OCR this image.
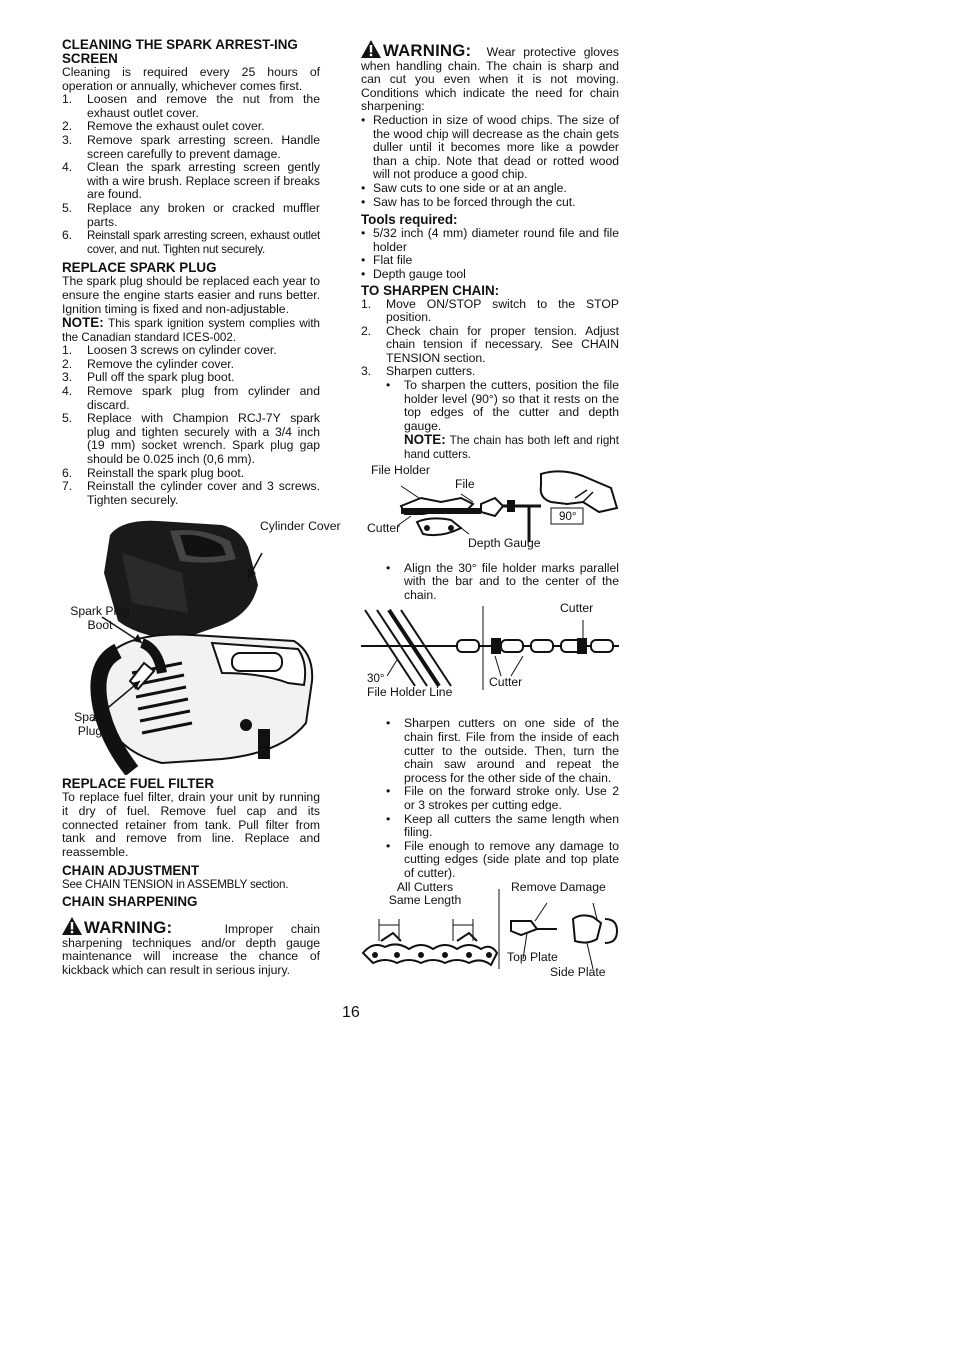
CLEANING THE SPARK ARREST-ING SCREEN

Cleaning is required every 25 hours of operation or annually, whichever comes first.

1. Loosen and remove the nut from the exhaust outlet cover.
2. Remove the exhaust oulet cover.
3. Remove spark arresting screen. Handle screen carefully to prevent damage.
4. Clean the spark arresting screen gently with a wire brush. Replace screen if breaks are found.
5. Replace any broken or cracked muffler parts.
6. Reinstall spark arresting screen, exhaust outlet cover, and nut. Tighten nut securely.
REPLACE SPARK PLUG

The spark plug should be replaced each year to ensure the engine starts easier and runs better. Ignition timing is fixed and non-adjustable.

NOTE: This spark ignition system complies with the Canadian standard ICES-002.

1. Loosen 3 screws on cylinder cover.
2. Remove the cylinder cover.
3. Pull off the spark plug boot.
4. Remove spark plug from cylinder and discard.
5. Replace with Champion RCJ-7Y spark plug and tighten securely with a 3/4 inch (19 mm) socket wrench. Spark plug gap should be 0.025 inch (0,6 mm).
6. Reinstall the spark plug boot.
7. Reinstall the cylinder cover and 3 screws. Tighten securely.
Cylinder Cover
Spark Plug Boot
Spark Plug
REPLACE FUEL FILTER

To replace fuel filter, drain your unit by running it dry of fuel. Remove fuel cap and its connected retainer from tank. Pull filter from tank and remove from line. Replace and reassemble.

CHAIN ADJUSTMENT

See CHAIN TENSION in ASSEMBLY section.

CHAIN SHARPENING

WARNING:	Improper chain sharpening techniques and/or depth gauge maintenance will increase the chance of kickback which can result in serious injury.

WARNING: Wear protective gloves when handling chain. The chain is sharp and can cut you even when it is not moving. Conditions which indicate the need for chain sharpening:

• Reduction in size of wood chips. The size of the wood chip will decrease as the chain gets duller until it becomes more like a powder than a chip. Note that dead or rotted wood will not produce a good chip.
• Saw cuts to one side or at an angle.
• Saw has to be forced through the cut.
Tools required:
• 5/32 inch (4 mm) diameter round file and file holder
• Flat file
• Depth gauge tool
TO SHARPEN CHAIN:
1. Move ON/STOP switch to the STOP position.
2. Check chain for proper tension. Adjust chain tension if necessary. See CHAIN TENSION section.
3. Sharpen cutters.
• To sharpen the cutters, position the file holder level (90°) so that it rests on the top edges of the cutter and depth gauge.
NOTE: The chain has both left and right hand cutters.
File Holder
File
Cutter
90°
Depth Gauge
• Align the 30° file holder marks parallel with the bar and to the center of the chain.
Cutter
30°
File Holder Line
Cutter
• Sharpen cutters on one side of the chain first. File from the inside of each cutter to the outside. Then, turn the chain saw around and repeat the process for the other side of the chain.
• File on the forward stroke only. Use 2 or 3 strokes per cutting edge.
• Keep all cutters the same length when filing.
• File enough to remove any damage to cutting edges (side plate and top plate of cutter).
All Cutters Same Length
Remove Damage
Top Plate
Side Plate
16
